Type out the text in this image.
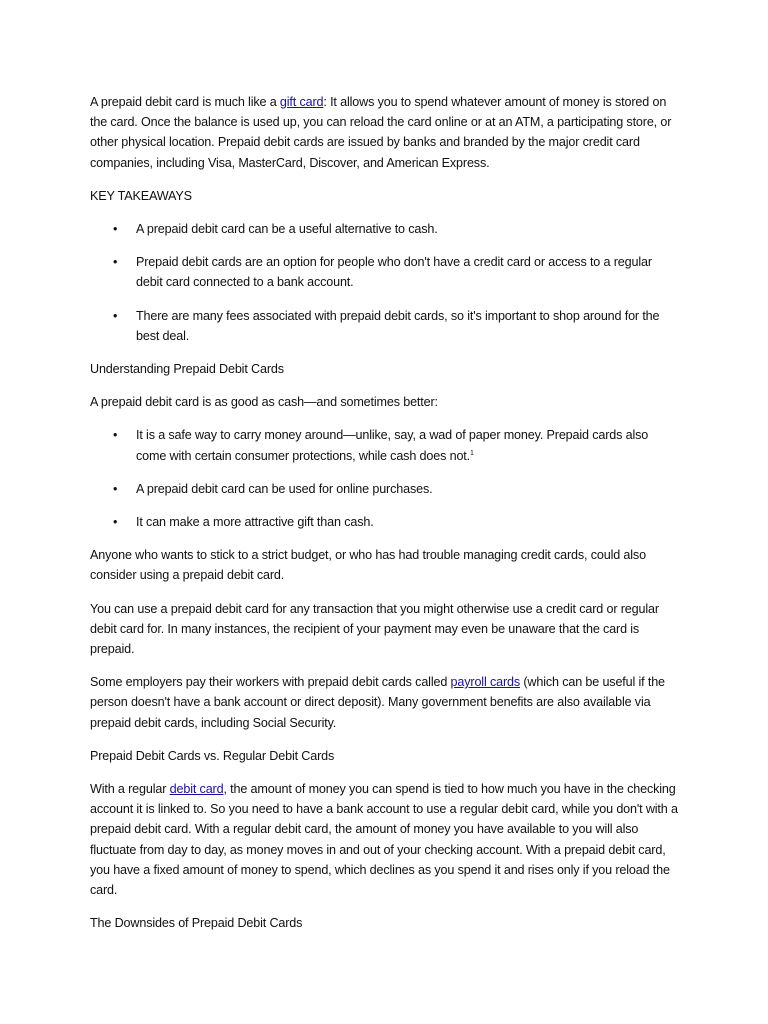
A prepaid debit card is much like a gift card: It allows you to spend whatever amount of money is stored on the card. Once the balance is used up, you can reload the card online or at an ATM, a participating store, or other physical location. Prepaid debit cards are issued by banks and branded by the major credit card companies, including Visa, MasterCard, Discover, and American Express.

KEY TAKEAWAYS

• A prepaid debit card can be a useful alternative to cash.
• Prepaid debit cards are an option for people who don't have a credit card or access to a regular debit card connected to a bank account.
• There are many fees associated with prepaid debit cards, so it's important to shop around for the best deal.

Understanding Prepaid Debit Cards

A prepaid debit card is as good as cash—and sometimes better:

• It is a safe way to carry money around—unlike, say, a wad of paper money. Prepaid cards also come with certain consumer protections, while cash does not.$^1$
• A prepaid debit card can be used for online purchases.
• It can make a more attractive gift than cash.

Anyone who wants to stick to a strict budget, or who has had trouble managing credit cards, could also consider using a prepaid debit card.

You can use a prepaid debit card for any transaction that you might otherwise use a credit card or regular debit card for. In many instances, the recipient of your payment may even be unaware that the card is prepaid.

Some employers pay their workers with prepaid debit cards called payroll cards (which can be useful if the person doesn't have a bank account or direct deposit). Many government benefits are also available via prepaid debit cards, including Social Security.

Prepaid Debit Cards vs. Regular Debit Cards

With a regular debit card, the amount of money you can spend is tied to how much you have in the checking account it is linked to. So you need to have a bank account to use a regular debit card, while you don't with a prepaid debit card. With a regular debit card, the amount of money you have available to you will also fluctuate from day to day, as money moves in and out of your checking account. With a prepaid debit card, you have a fixed amount of money to spend, which declines as you spend it and rises only if you reload the card.

The Downsides of Prepaid Debit Cards
